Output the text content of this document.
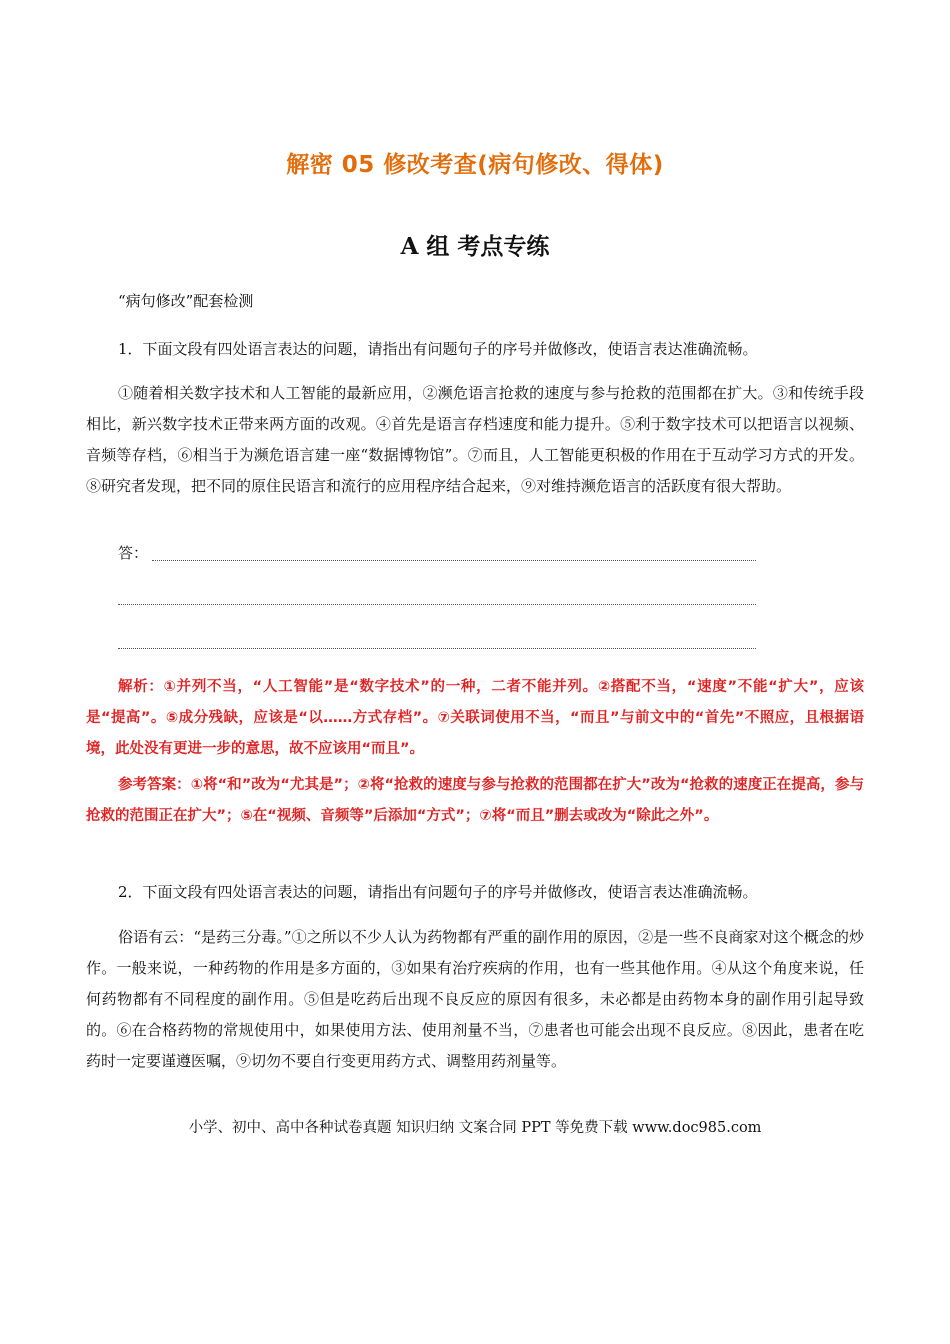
解密 05 修改考查(病句修改、得体)
A 组 考点专练
“病句修改”配套检测
1．下面文段有四处语言表达的问题，请指出有问题句子的序号并做修改，使语言表达准确流畅。
①随着相关数字技术和人工智能的最新应用，②濒危语言抢救的速度与参与抢救的范围都在扩大。③和传统手段相比，新兴数字技术正带来两方面的改观。④首先是语言存档速度和能力提升。⑤利于数字技术可以把语言以视频、音频等存档，⑥相当于为濒危语言建一座“数据博物馆”。⑦而且，人工智能更积极的作用在于互动学习方式的开发。⑧研究者发现，把不同的原住民语言和流行的应用程序结合起来，⑨对维持濒危语言的活跃度有很大帮助。
答：
解析：①并列不当，“人工智能”是“数字技术”的一种，二者不能并列。②搭配不当，“速度”不能“扩大”，应该是“提高”。⑤成分残缺，应该是“以……方式存档”。⑦关联词使用不当，“而且”与前文中的“首先”不照应，且根据语境，此处没有更进一步的意思，故不应该用“而且”。
参考答案：①将“和”改为“尤其是”；②将“抢救的速度与参与抢救的范围都在扩大”改为“抢救的速度正在提高，参与抢救的范围正在扩大”；⑤在“视频、音频等”后添加“方式”；⑦将“而且”删去或改为“除此之外”。
2．下面文段有四处语言表达的问题，请指出有问题句子的序号并做修改，使语言表达准确流畅。
俗语有云：“是药三分毒。”①之所以不少人认为药物都有严重的副作用的原因，②是一些不良商家对这个概念的炒作。一般来说，一种药物的作用是多方面的，③如果有治疗疾病的作用，也有一些其他作用。④从这个角度来说，任何药物都有不同程度的副作用。⑤但是吃药后出现不良反应的原因有很多，未必都是由药物本身的副作用引起导致的。⑥在合格药物的常规使用中，如果使用方法、使用剂量不当，⑦患者也可能会出现不良反应。⑧因此，患者在吃药时一定要谨遵医嘱，⑨切勿不要自行变更用药方式、调整用药剂量等。
小学、初中、高中各种试卷真题 知识归纳 文案合同 PPT 等免费下载 www.doc985.com
